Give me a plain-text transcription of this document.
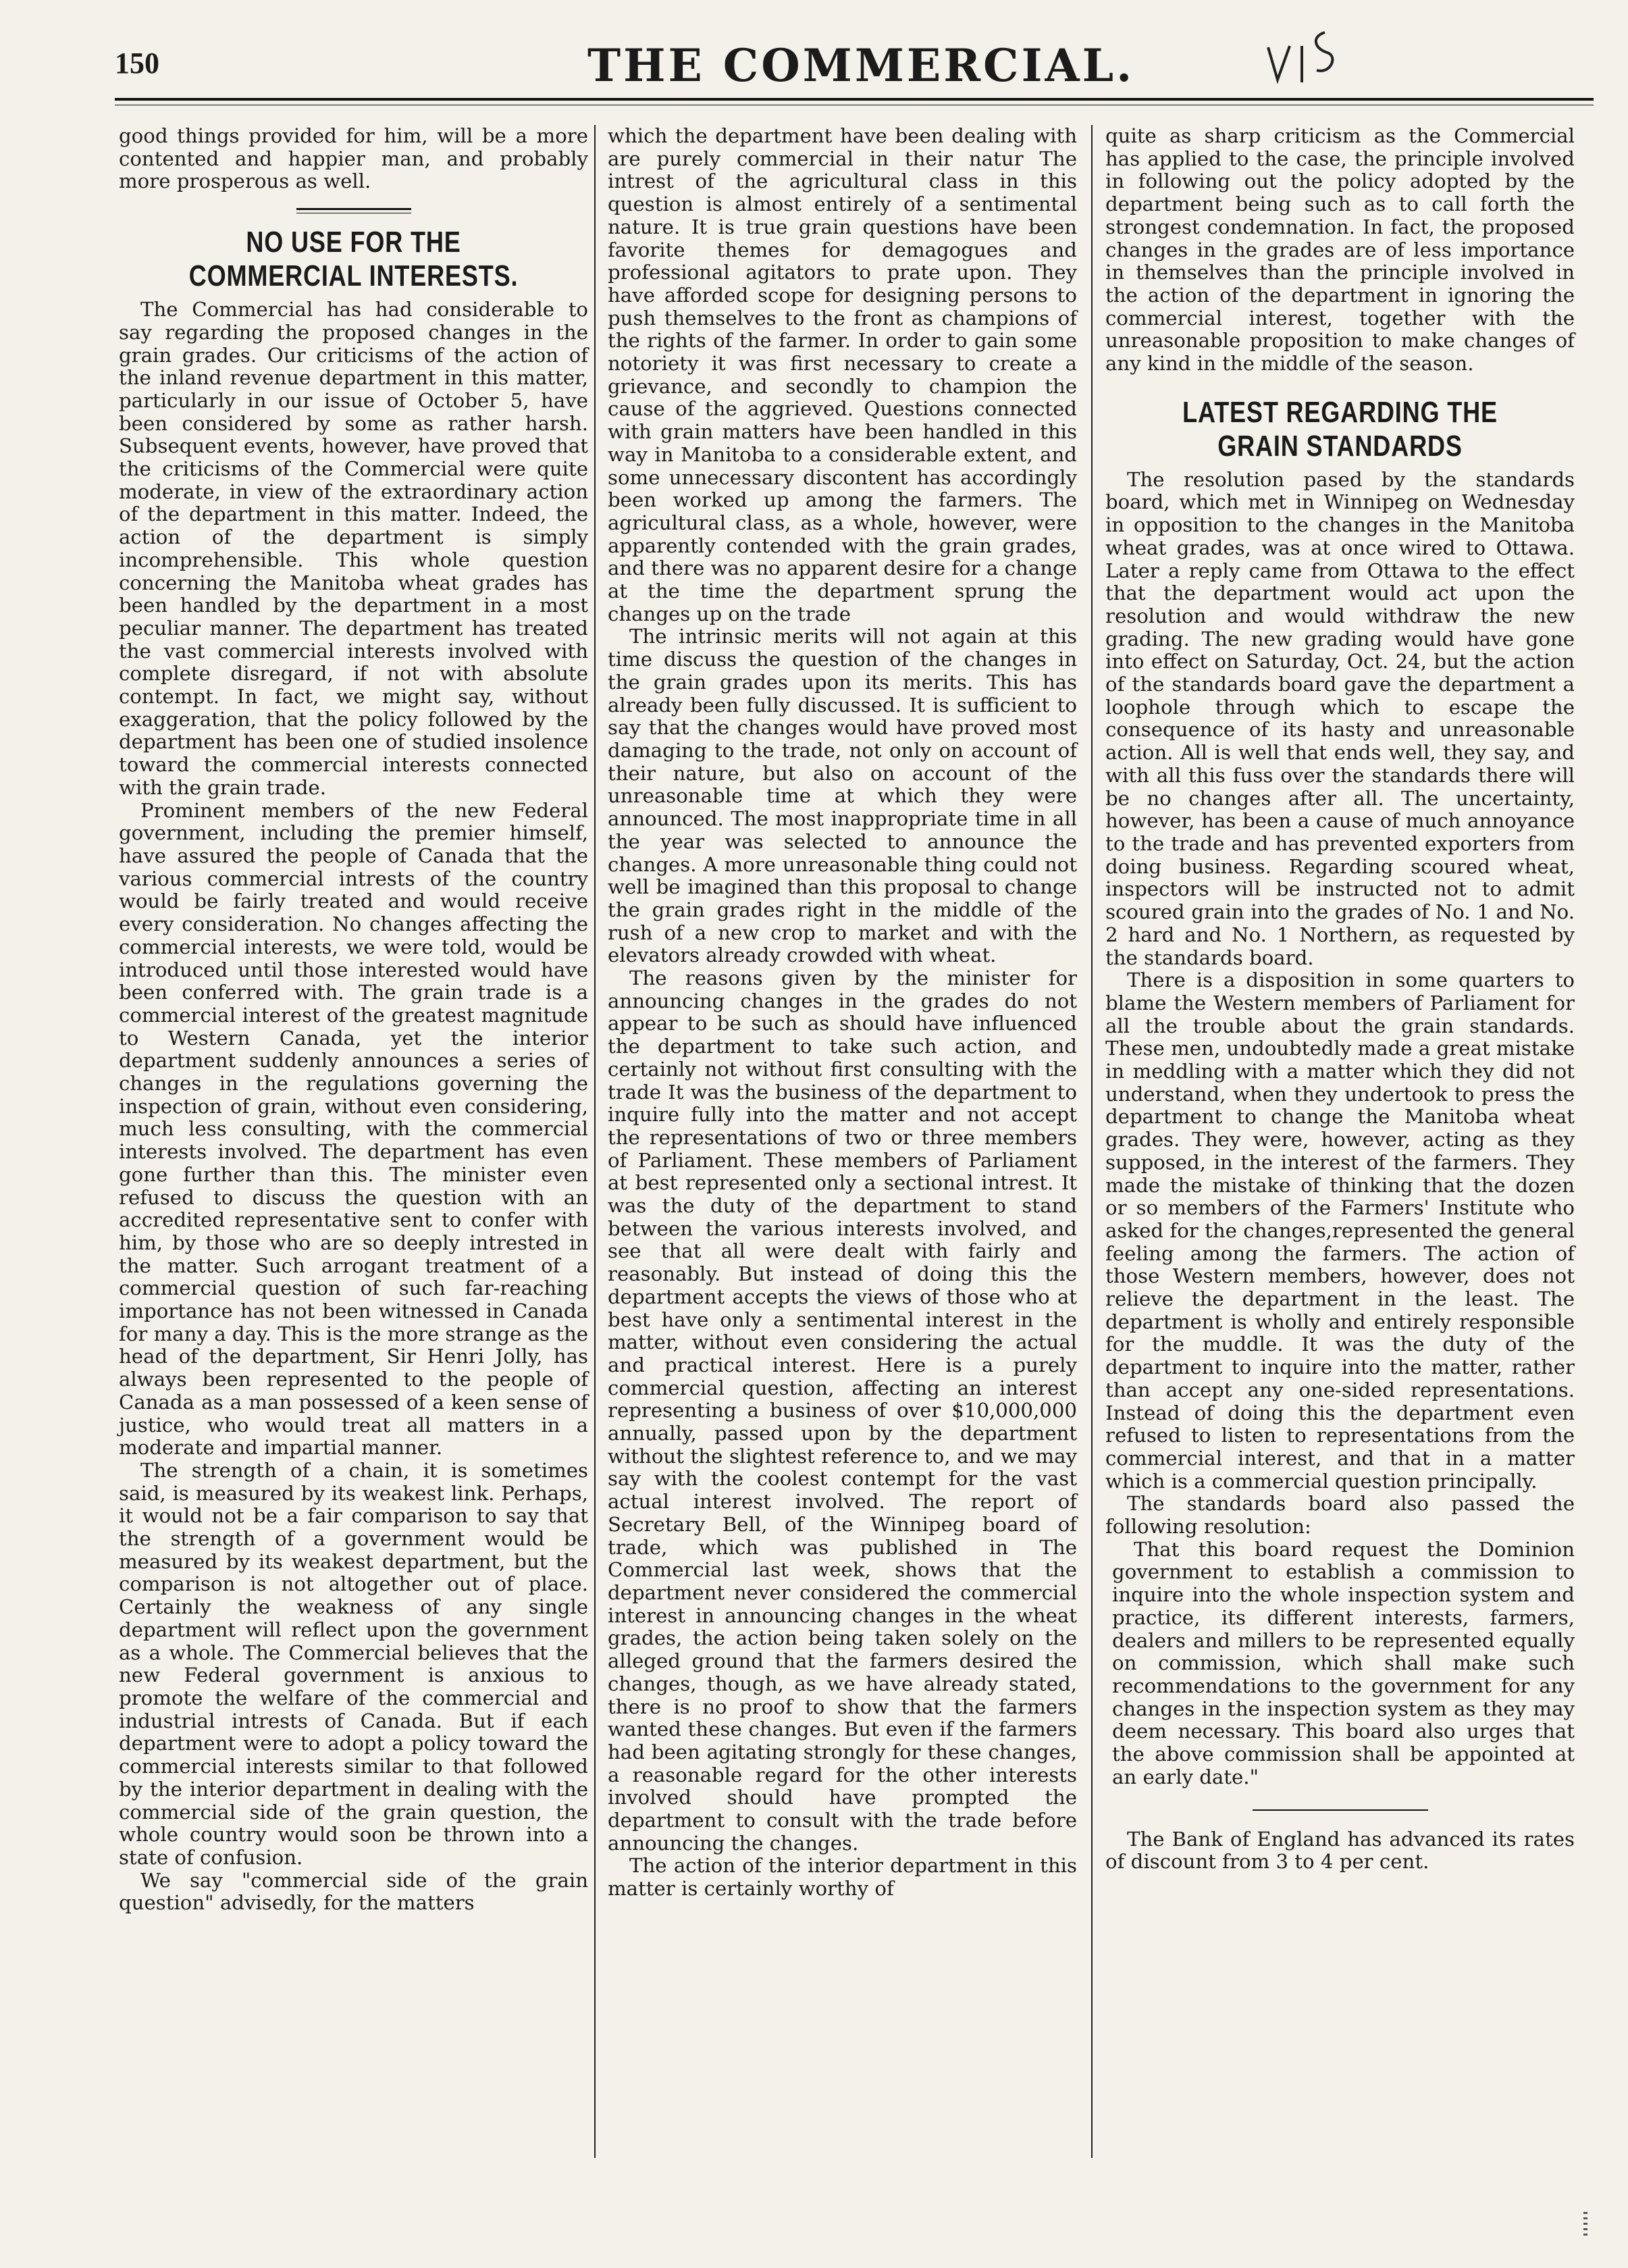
150	THE COMMERCIAL.

good things provided for him, will be a more contented and happier man, and probably more prosperous as well.

NO USE FOR THE COMMERCIAL INTERESTS.

The Commercial has had considerable to say regarding the proposed changes in the grain grades. Our criticisms of the action of the inland revenue department in this matter, particularly in our issue of October 5, have been considered by some as rather harsh. Subsequent events, however, have proved that the criticisms of the Commercial were quite moderate, in view of the extraordinary action of the department in this matter. Indeed, the action of the department is simply incomprehensible. This whole question concerning the Manitoba wheat grades has been handled by the department in a most peculiar manner. The department has treated the vast commercial interests involved with complete disregard, if not with absolute contempt. In fact, we might say, without exaggeration, that the policy followed by the department has been one of studied insolence toward the commercial interests connected with the grain trade.

Prominent members of the new Federal government, including the premier himself, have assured the people of Canada that the various commercial intrests of the country would be fairly treated and would receive every consideration. No changes affecting the commercial interests, we were told, would be introduced until those interested would have been conferred with. The grain trade is a commercial interest of the greatest magnitude to Western Canada, yet the interior department suddenly announces a series of changes in the regulations governing the inspection of grain, without even considering, much less consulting, with the commercial interests involved. The department has even gone further than this. The minister even refused to discuss the question with an accredited representative sent to confer with him, by those who are so deeply intrested in the matter. Such arrogant treatment of a commercial question of such far-reaching importance has not been witnessed in Canada for many a day. This is the more strange as the head of the department, Sir Henri Jolly, has always been represented to the people of Canada as a man possessed of a keen sense of justice, who would treat all matters in a moderate and impartial manner.

The strength of a chain, it is sometimes said, is measured by its weakest link. Perhaps, it would not be a fair comparison to say that the strength of a government would be measured by its weakest department, but the comparison is not altogether out of place. Certainly the weakness of any single department will reflect upon the government as a whole. The Commercial believes that the new Federal government is anxious to promote the welfare of the commercial and industrial intrests of Canada. But if each department were to adopt a policy toward the commercial interests similar to that followed by the interior department in dealing with the commercial side of the grain question, the whole country would soon be thrown into a state of confusion.

We say "commercial side of the grain question" advisedly, for the matters

which the department have been dealing with are purely commercial in their natur The intrest of the agricultural class in this question is almost entirely of a sentimental nature. It is true grain questions have been favorite themes for demagogues and professional agitators to prate upon. They have afforded scope for designing persons to push themselves to the front as champions of the rights of the farmer. In order to gain some notoriety it was first necessary to create a grievance, and secondly to champion the cause of the aggrieved. Questions connected with grain matters have been handled in this way in Manitoba to a considerable extent, and some unnecessary discontent has accordingly been worked up among the farmers. The agricultural class, as a whole, however, were apparently contended with the grain grades, and there was no apparent desire for a change at the time the department sprung the changes up on the trade

The intrinsic merits will not again at this time discuss the question of the changes in the grain grades upon its merits. This has already been fully discussed. It is sufficient to say that the changes would have proved most damaging to the trade, not only on account of their nature, but also on account of the unreasonable time at which they were announced. The most inappropriate time in all the year was selected to announce the changes. A more unreasonable thing could not well be imagined than this proposal to change the grain grades right in the middle of the rush of a new crop to market and with the elevators already crowded with wheat.

The reasons given by the minister for announcing changes in the grades do not appear to be such as should have influenced the department to take such action, and certainly not without first consulting with the trade It was the business of the department to inquire fully into the matter and not accept the representations of two or three members of Parliament. These members of Parliament at best represented only a sectional intrest. It was the duty of the department to stand between the various interests involved, and see that all were dealt with fairly and reasonably. But instead of doing this the department accepts the views of those who at best have only a sentimental interest in the matter, without even considering the actual and practical interest. Here is a purely commercial question, affecting an interest representing a business of over $10,000,000 annually, passed upon by the department without the slightest reference to, and we may say with the coolest contempt for the vast actual interest involved. The report of Secretary Bell, of the Winnipeg board of trade, which was published in The Commercial last week, shows that the department never considered the commercial interest in announcing changes in the wheat grades, the action being taken solely on the alleged ground that the farmers desired the changes, though, as we have already stated, there is no proof to show that the farmers wanted these changes. But even if the farmers had been agitating strongly for these changes, a reasonable regard for the other interests involved should have prompted the department to consult with the trade before announcing the changes.

The action of the interior department in this matter is certainly worthy of

quite as sharp criticism as the Commercial has applied to the case, the principle involved in following out the policy adopted by the department being such as to call forth the strongest condemnation. In fact, the proposed changes in the grades are of less importance in themselves than the principle involved in the action of the department in ignoring the commercial interest, together with the unreasonable proposition to make changes of any kind in the middle of the season.

LATEST REGARDING THE GRAIN STANDARDS

The resolution pased by the standards board, which met in Winnipeg on Wednesday in opposition to the changes in the Manitoba wheat grades, was at once wired to Ottawa. Later a reply came from Ottawa to the effect that the department would act upon the resolution and would withdraw the new grading. The new grading would have gone into effect on Saturday, Oct. 24, but the action of the standards board gave the department a loophole through which to escape the consequence of its hasty and unreasonable action. All is well that ends well, they say, and with all this fuss over the standards there will be no changes after all. The uncertainty, however, has been a cause of much annoyance to the trade and has prevented exporters from doing business. Regarding scoured wheat, inspectors will be instructed not to admit scoured grain into the grades of No. 1 and No. 2 hard and No. 1 Northern, as requested by the standards board.

There is a disposition in some quarters to blame the Western members of Parliament for all the trouble about the grain standards. These men, undoubtedly made a great mistake in meddling with a matter which they did not understand, when they undertook to press the department to change the Manitoba wheat grades. They were, however, acting as they supposed, in the interest of the farmers. They made the mistake of thinking that the dozen or so members of the Farmers' Institute who asked for the changes,represented the general feeling among the farmers. The action of those Western members, however, does not relieve the department in the least. The department is wholly and entirely responsible for the muddle. It was the duty of the department to inquire into the matter, rather than accept any one-sided representations. Instead of doing this the department even refused to listen to representations from the commercial interest, and that in a matter which is a commercial question principally.

The standards board also passed the following resolution:

That this board request the Dominion government to establish a commission to inquire into the whole inspection system and practice, its different interests, farmers, dealers and millers to be represented equally on commission, which shall make such recommendations to the government for any changes in the inspection system as they may deem necessary. This board also urges that the above commission shall be appointed at an early date."

The Bank of England has advanced its rates of discount from 3 to 4 per cent.
